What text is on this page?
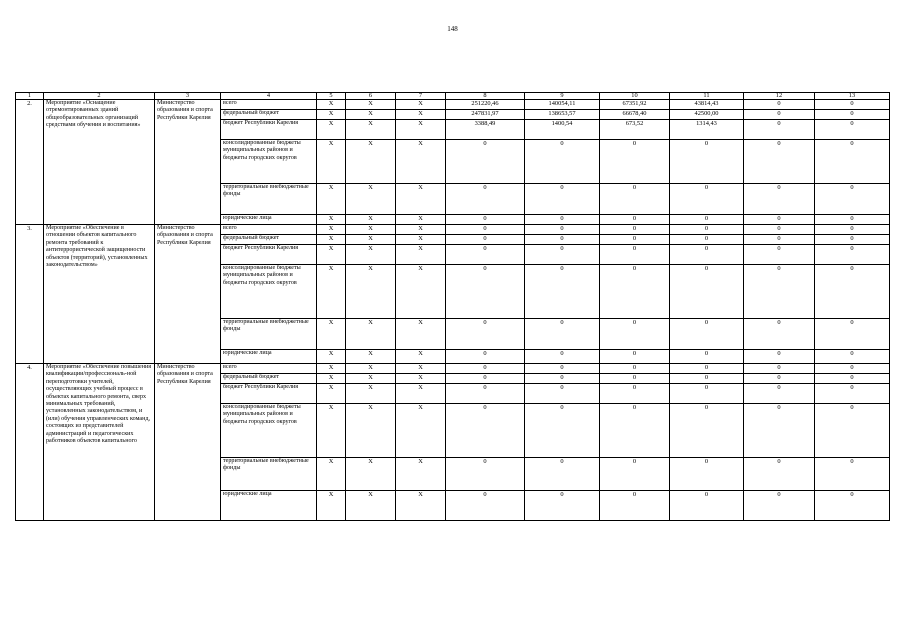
148
1	2	3	4	5	6	7	8	9	10	11	12	13
2.	Мероприятие «Оснащение отремонтированных зданий общеобразовательных организаций средствами обучения и воспитания»	Министерство образования и спорта Республики Карелия	всего	X	X	X	251220,46	140054,11	67351,92	43814,43	0	0
			федеральный бюджет	X	X	X	247831,97	138653,57	66678,40	42500,00	0	0
			бюджет Республики Карелия	X	X	X	3388,49	1400,54	673,52	1314,43	0	0
			консолидированные бюджеты муниципальных районов и бюджеты городских округов	X	X	X	0	0	0	0	0	0
			территориальные внебюджетные фонды	X	X	X	0	0	0	0	0	0
			юридические лица	X	X	X	0	0	0	0	0	0
3.	Мероприятие «Обеспечение в отношении объектов капитального ремонта требований к антитеррористической защищенности объектов (территорий), установленных законодательством»	Министерство образования и спорта Республики Карелия	всего	X	X	X	0	0	0	0	0	0
			федеральный бюджет	X	X	X	0	0	0	0	0	0
			бюджет Республики Карелия	X	X	X	0	0	0	0	0	0
			консолидированные бюджеты муниципальных районов и бюджеты городских округов	X	X	X	0	0	0	0	0	0
			территориальные внебюджетные фонды	X	X	X	0	0	0	0	0	0
			юридические лица	X	X	X	0	0	0	0	0	0
4.	Мероприятие «Обеспечение повышения квалификации/профессиональ-ной переподготовки учителей, осуществляющих учебный процесс в объектах капитального ремонта, сверх минимальных требований, установленных законодательством, и (или) обучения управленческих команд, состоящих из представителей администраций и педагогических работников объектов капитального	Министерство образования и спорта Республики Карелия	всего	X	X	X	0	0	0	0	0	0
			федеральный бюджет	X	X	X	0	0	0	0	0	0
			бюджет Республики Карелия	X	X	X	0	0	0	0	0	0
			консолидированные бюджеты муниципальных районов и бюджеты городских округов	X	X	X	0	0	0	0	0	0
			территориальные внебюджетные фонды	X	X	X	0	0	0	0	0	0
			юридические лица	X	X	X	0	0	0	0	0	0
